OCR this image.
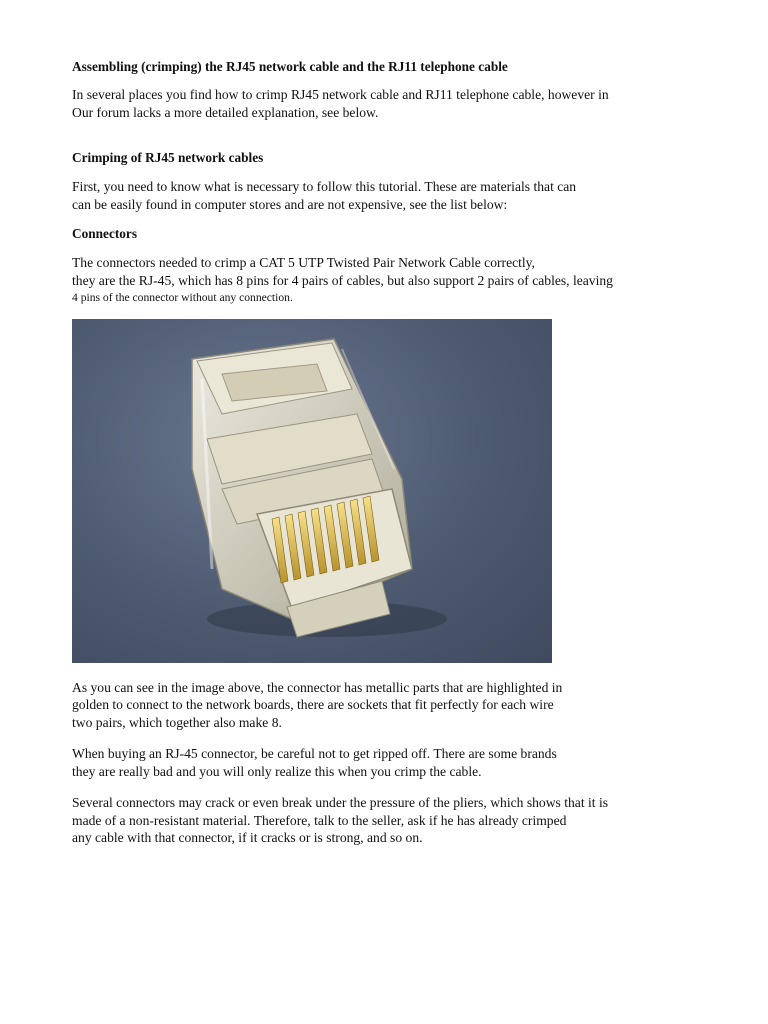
Assembling (crimping) the RJ45 network cable and the RJ11 telephone cable

In several places you find how to crimp RJ45 network cable and RJ11 telephone cable, however in
Our forum lacks a more detailed explanation, see below.

Crimping of RJ45 network cables

First, you need to know what is necessary to follow this tutorial. These are materials that can
can be easily found in computer stores and are not expensive, see the list below:

Connectors

The connectors needed to crimp a CAT 5 UTP Twisted Pair Network Cable correctly,
they are the RJ-45, which has 8 pins for 4 pairs of cables, but also support 2 pairs of cables, leaving
4 pins of the connector without any connection.

As you can see in the image above, the connector has metallic parts that are highlighted in
golden to connect to the network boards, there are sockets that fit perfectly for each wire
two pairs, which together also make 8.

When buying an RJ-45 connector, be careful not to get ripped off. There are some brands
they are really bad and you will only realize this when you crimp the cable.

Several connectors may crack or even break under the pressure of the pliers, which shows that it is
made of a non-resistant material. Therefore, talk to the seller, ask if he has already crimped
any cable with that connector, if it cracks or is strong, and so on.
